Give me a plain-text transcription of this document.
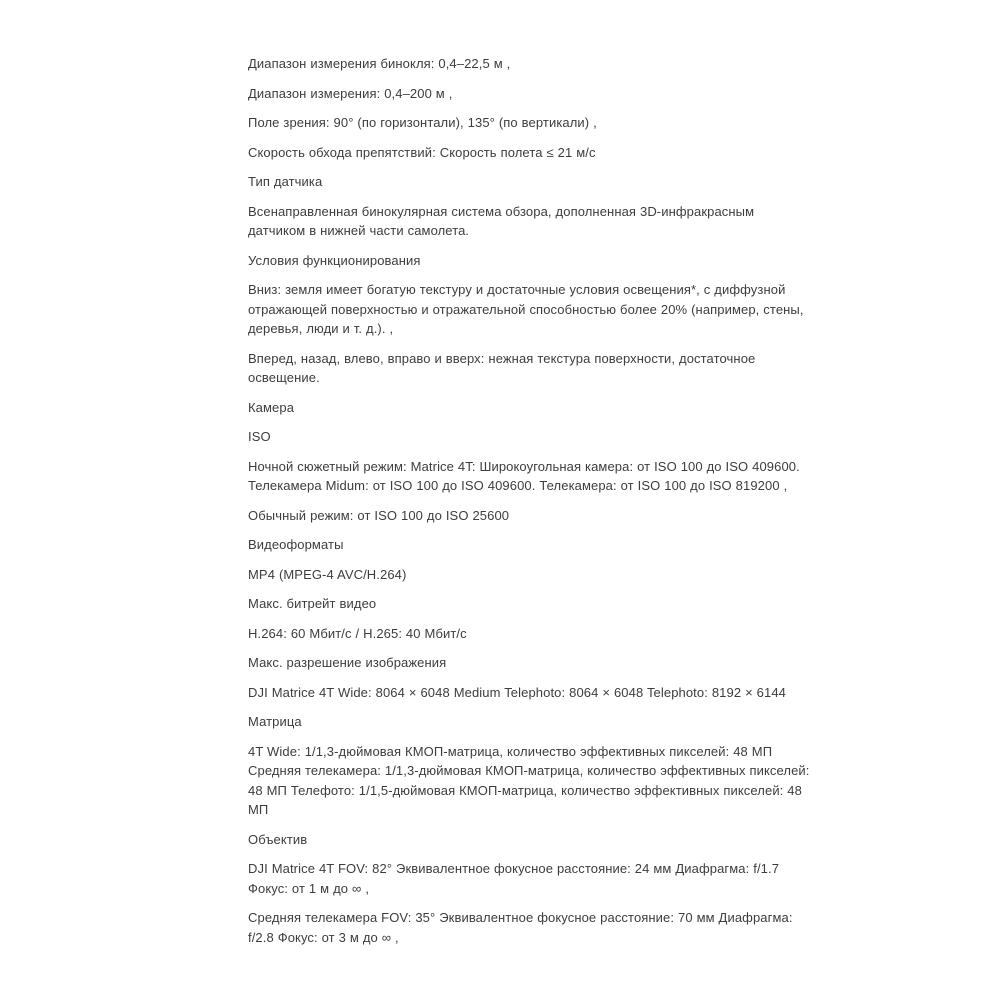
Диапазон измерения бинокля: 0,4–22,5 м ,

Диапазон измерения: 0,4–200 м ,

Поле зрения: 90° (по горизонтали), 135° (по вертикали) ,

Скорость обхода препятствий: Скорость полета ≤ 21 м/с

Тип датчика

Всенаправленная бинокулярная система обзора, дополненная 3D-инфракрасным датчиком в нижней части самолета.

Условия функционирования

Вниз: земля имеет богатую текстуру и достаточные условия освещения*, с диффузной отражающей поверхностью и отражательной способностью более 20% (например, стены, деревья, люди и т. д.). ,

Вперед, назад, влево, вправо и вверх: нежная текстура поверхности, достаточное освещение.

Камера

ISO

Ночной сюжетный режим: Matrice 4T: Широкоугольная камера: от ISO 100 до ISO 409600. Телекамера Midum: от ISO 100 до ISO 409600. Телекамера: от ISO 100 до ISO 819200 ,

Обычный режим: от ISO 100 до ISO 25600

Видеоформаты

MP4 (MPEG-4 AVC/H.264)

Макс. битрейт видео

H.264: 60 Мбит/с / H.265: 40 Мбит/с

Макс. разрешение изображения

DJI Matrice 4T Wide: 8064 × 6048 Medium Telephoto: 8064 × 6048 Telephoto: 8192 × 6144

Матрица

4T Wide: 1/1,3-дюймовая КМОП-матрица, количество эффективных пикселей: 48 МП Средняя телекамера: 1/1,3-дюймовая КМОП-матрица, количество эффективных пикселей: 48 МП Телефото: 1/1,5-дюймовая КМОП-матрица, количество эффективных пикселей: 48 МП

Объектив

DJI Matrice 4T FOV: 82° Эквивалентное фокусное расстояние: 24 мм Диафрагма: f/1.7 Фокус: от 1 м до ∞ ,

Средняя телекамера FOV: 35° Эквивалентное фокусное расстояние: 70 мм Диафрагма: f/2.8 Фокус: от 3 м до ∞ ,
